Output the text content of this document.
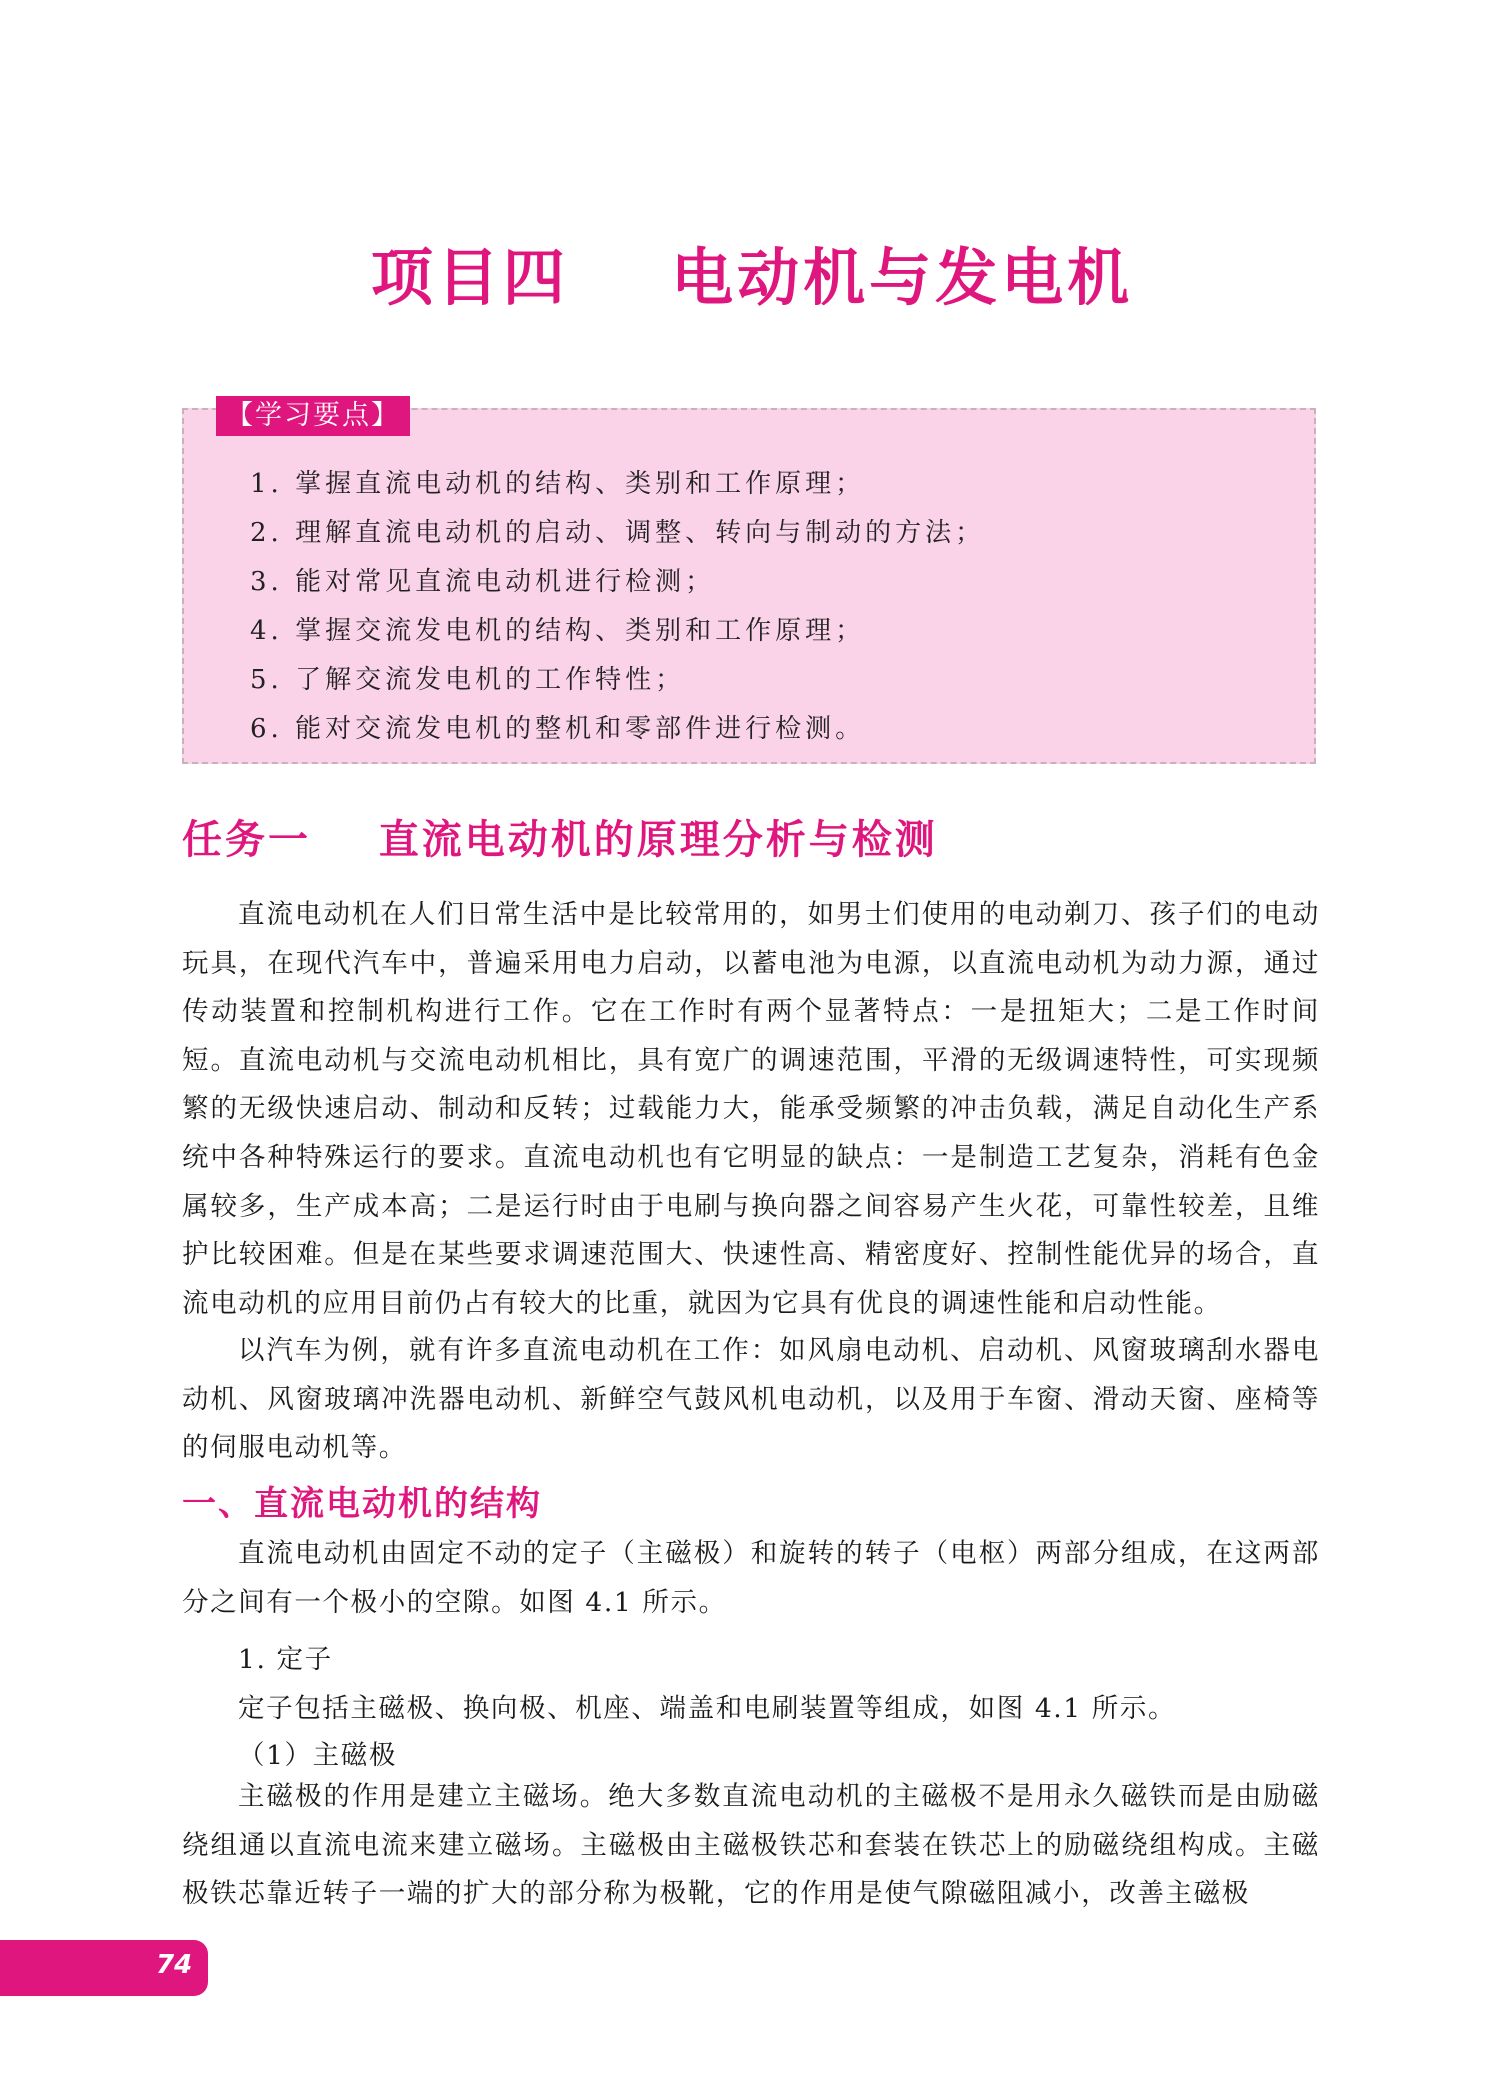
项目四    电动机与发电机
【学习要点】
1. 掌握直流电动机的结构、类别和工作原理；
2. 理解直流电动机的启动、调整、转向与制动的方法；
3. 能对常见直流电动机进行检测；
4. 掌握交流发电机的结构、类别和工作原理；
5. 了解交流发电机的工作特性；
6. 能对交流发电机的整机和零部件进行检测。
任务一    直流电动机的原理分析与检测

直流电动机在人们日常生活中是比较常用的，如男士们使用的电动剃刀、孩子们的电动玩具，在现代汽车中，普遍采用电力启动，以蓄电池为电源，以直流电动机为动力源，通过传动装置和控制机构进行工作。它在工作时有两个显著特点：一是扭矩大；二是工作时间短。直流电动机与交流电动机相比，具有宽广的调速范围，平滑的无级调速特性，可实现频繁的无级快速启动、制动和反转；过载能力大，能承受频繁的冲击负载，满足自动化生产系统中各种特殊运行的要求。直流电动机也有它明显的缺点：一是制造工艺复杂，消耗有色金属较多，生产成本高；二是运行时由于电刷与换向器之间容易产生火花，可靠性较差，且维护比较困难。但是在某些要求调速范围大、快速性高、精密度好、控制性能优异的场合，直流电动机的应用目前仍占有较大的比重，就因为它具有优良的调速性能和启动性能。

以汽车为例，就有许多直流电动机在工作：如风扇电动机、启动机、风窗玻璃刮水器电动机、风窗玻璃冲洗器电动机、新鲜空气鼓风机电动机，以及用于车窗、滑动天窗、座椅等的伺服电动机等。

一、直流电动机的结构

直流电动机由固定不动的定子（主磁极）和旋转的转子（电枢）两部分组成，在这两部分之间有一个极小的空隙。如图 4.1 所示。

1. 定子

定子包括主磁极、换向极、机座、端盖和电刷装置等组成，如图 4.1 所示。

（1）主磁极

主磁极的作用是建立主磁场。绝大多数直流电动机的主磁极不是用永久磁铁而是由励磁绕组通以直流电流来建立磁场。主磁极由主磁极铁芯和套装在铁芯上的励磁绕组构成。主磁极铁芯靠近转子一端的扩大的部分称为极靴，它的作用是使气隙磁阻减小，改善主磁极

74
